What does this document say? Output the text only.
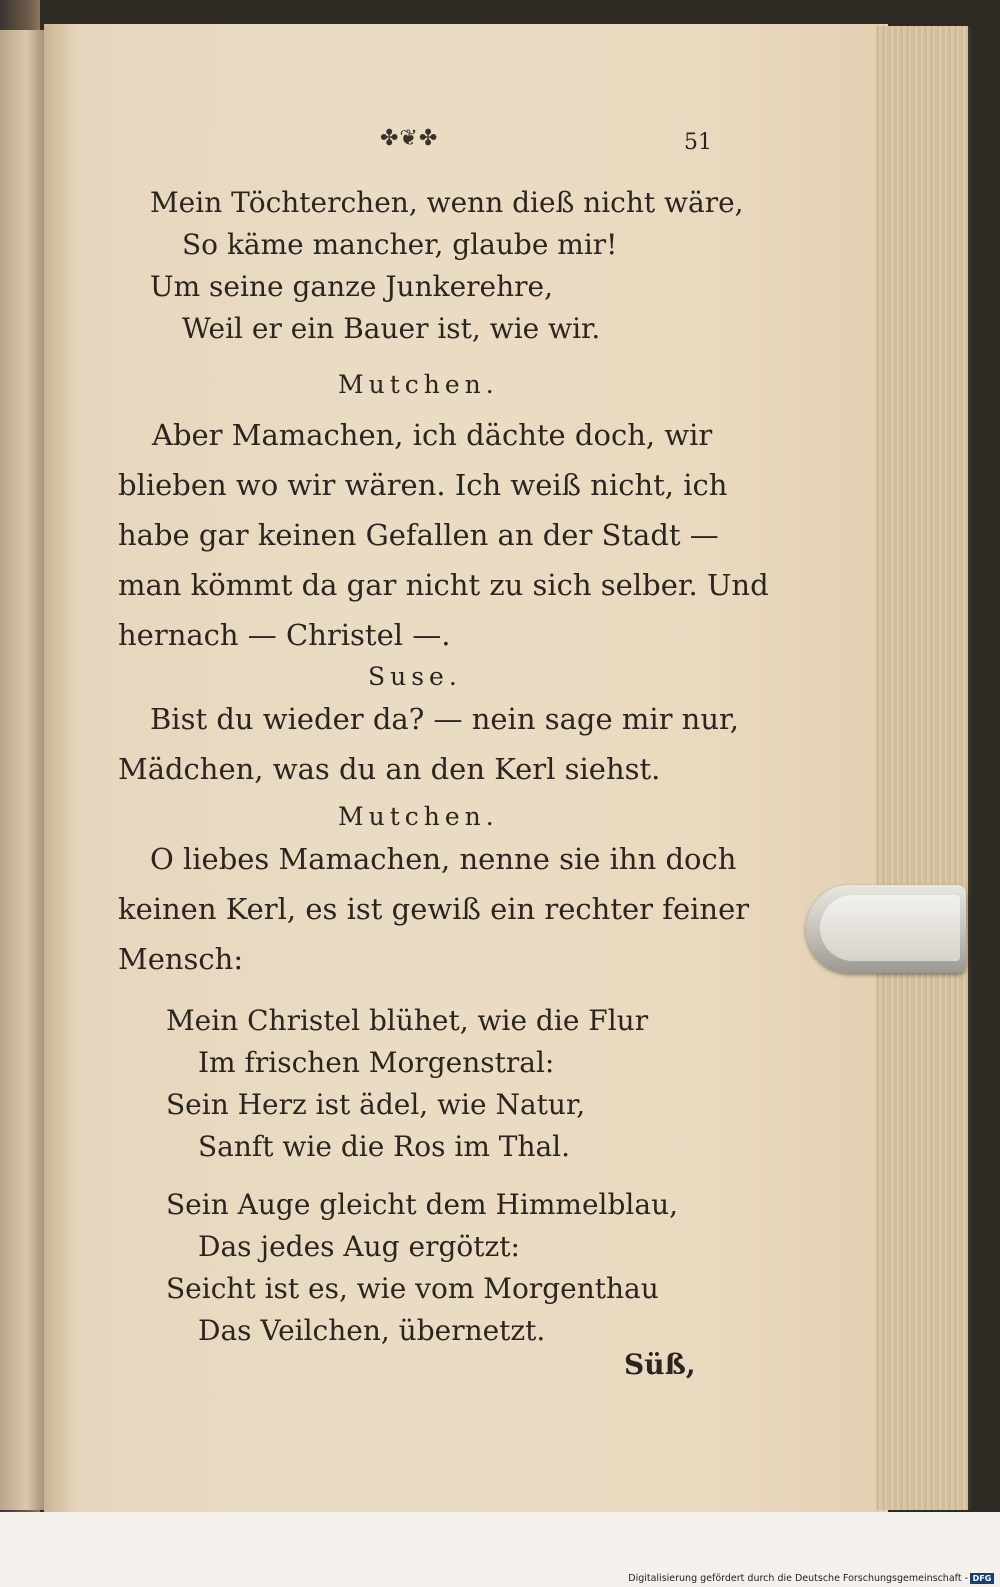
✤❦✤	51
Mein Töchterchen, wenn dieß nicht wäre,
So käme mancher, glaube mir!
Um seine ganze Junkerehre,
Weil er ein Bauer ist, wie wir.
Mutchen.
Aber Mamachen, ich dächte doch, wir
blieben wo wir wären. Ich weiß nicht, ich
habe gar keinen Gefallen an der Stadt —
man kömmt da gar nicht zu sich selber. Und
hernach — Christel —.
Suse.
Bist du wieder da? — nein sage mir nur,
Mädchen, was du an den Kerl siehst.
Mutchen.
O liebes Mamachen, nenne sie ihn doch
keinen Kerl, es ist gewiß ein rechter feiner
Mensch:
Mein Christel blühet, wie die Flur
Im frischen Morgenstral:
Sein Herz ist ädel, wie Natur,
Sanft wie die Ros im Thal.
Sein Auge gleicht dem Himmelblau,
Das jedes Aug ergötzt:
Seicht ist es, wie vom Morgenthau
Das Veilchen, übernetzt.
Süß,
Digitalisierung gefördert durch die Deutsche Forschungsgemeinschaft - DFG
